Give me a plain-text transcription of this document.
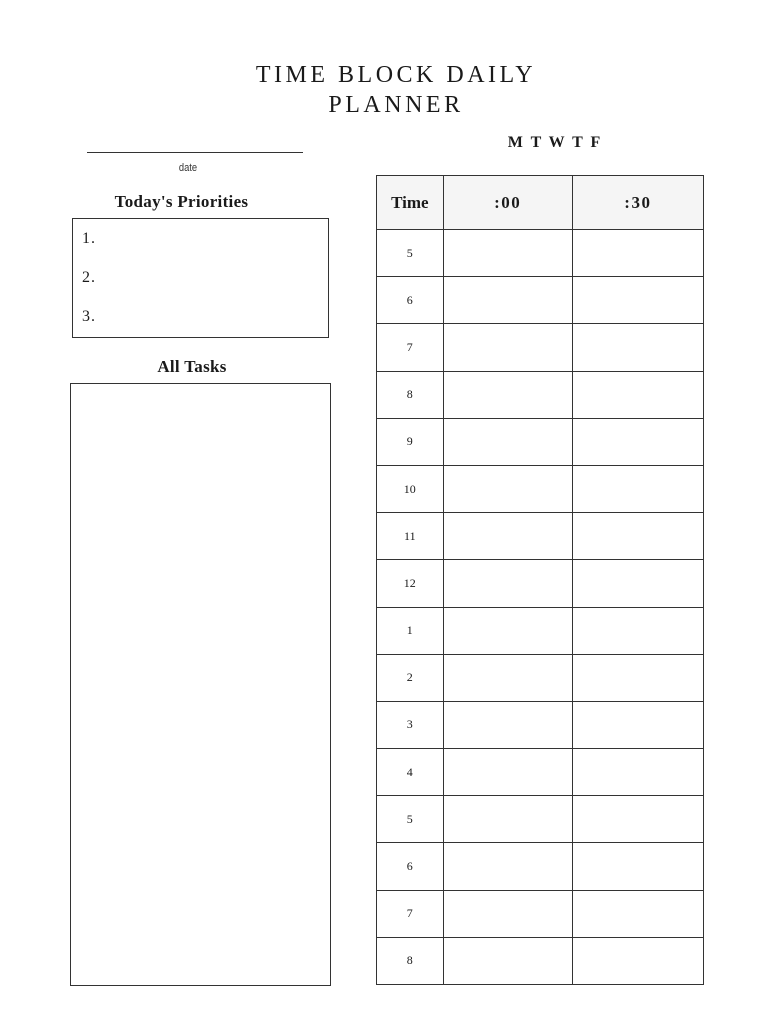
TIME BLOCK DAILY
PLANNER
date
M T W T F
Today's Priorities
1.
2.
3.
All Tasks
Time	:00	:30
5		
6		
7		
8		
9		
10		
11		
12		
1		
2		
3		
4		
5		
6		
7		
8		
